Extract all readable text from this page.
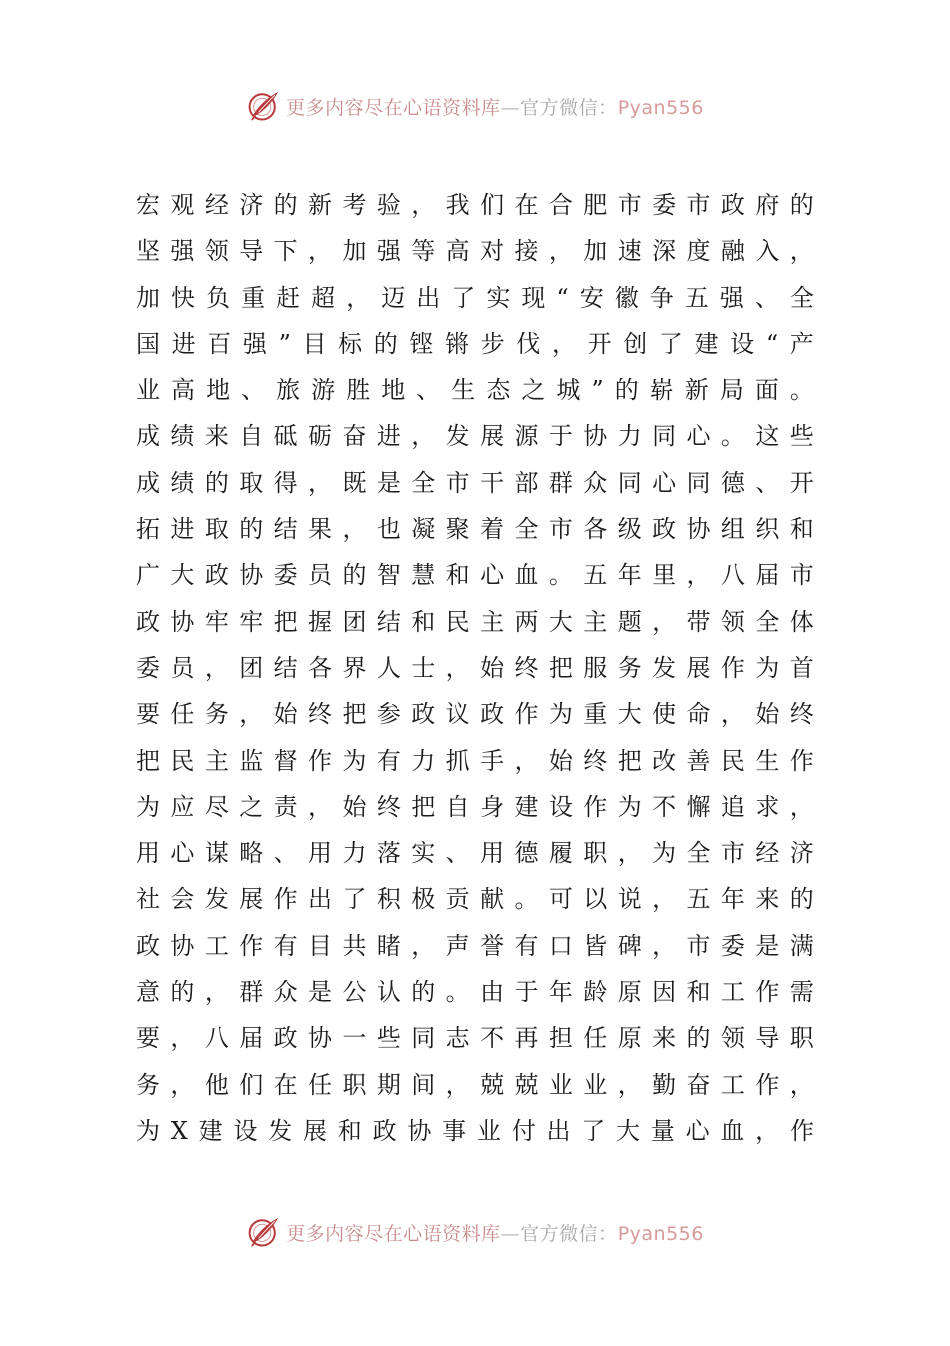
更多内容尽在心语资料库—官方微信：Pyan556
宏 观 经 济 的 新 考 验 ， 我 们 在 合 肥 市 委 市 政 府 的
坚 强 领 导 下 ， 加 强 等 高 对 接 ， 加 速 深 度 融 入 ，
加 快 负 重 赶 超 ， 迈 出 了 实 现 “ 安 徽 争 五 强 、 全
国 进 百 强 ” 目 标 的 铿 锵 步 伐 ， 开 创 了 建 设 “ 产
业 高 地 、 旅 游 胜 地 、 生 态 之 城 ” 的 崭 新 局 面 。
成 绩 来 自 砥 砺 奋 进 ， 发 展 源 于 协 力 同 心 。 这 些
成 绩 的 取 得 ， 既 是 全 市 干 部 群 众 同 心 同 德 、 开
拓 进 取 的 结 果 ， 也 凝 聚 着 全 市 各 级 政 协 组 织 和
广 大 政 协 委 员 的 智 慧 和 心 血 。 五 年 里 ， 八 届 市
政 协 牢 牢 把 握 团 结 和 民 主 两 大 主 题 ， 带 领 全 体
委 员 ， 团 结 各 界 人 士 ， 始 终 把 服 务 发 展 作 为 首
要 任 务 ， 始 终 把 参 政 议 政 作 为 重 大 使 命 ， 始 终
把 民 主 监 督 作 为 有 力 抓 手 ， 始 终 把 改 善 民 生 作
为 应 尽 之 责 ， 始 终 把 自 身 建 设 作 为 不 懈 追 求 ，
用 心 谋 略 、 用 力 落 实 、 用 德 履 职 ， 为 全 市 经 济
社 会 发 展 作 出 了 积 极 贡 献 。 可 以 说 ， 五 年 来 的
政 协 工 作 有 目 共 睹 ， 声 誉 有 口 皆 碑 ， 市 委 是 满
意 的 ， 群 众 是 公 认 的 。 由 于 年 龄 原 因 和 工 作 需
要 ， 八 届 政 协 一 些 同 志 不 再 担 任 原 来 的 领 导 职
务 ， 他 们 在 任 职 期 间 ， 兢 兢 业 业 ， 勤 奋 工 作 ，
为 X 建 设 发 展 和 政 协 事 业 付 出 了 大 量 心 血 ， 作
更多内容尽在心语资料库—官方微信：Pyan556
